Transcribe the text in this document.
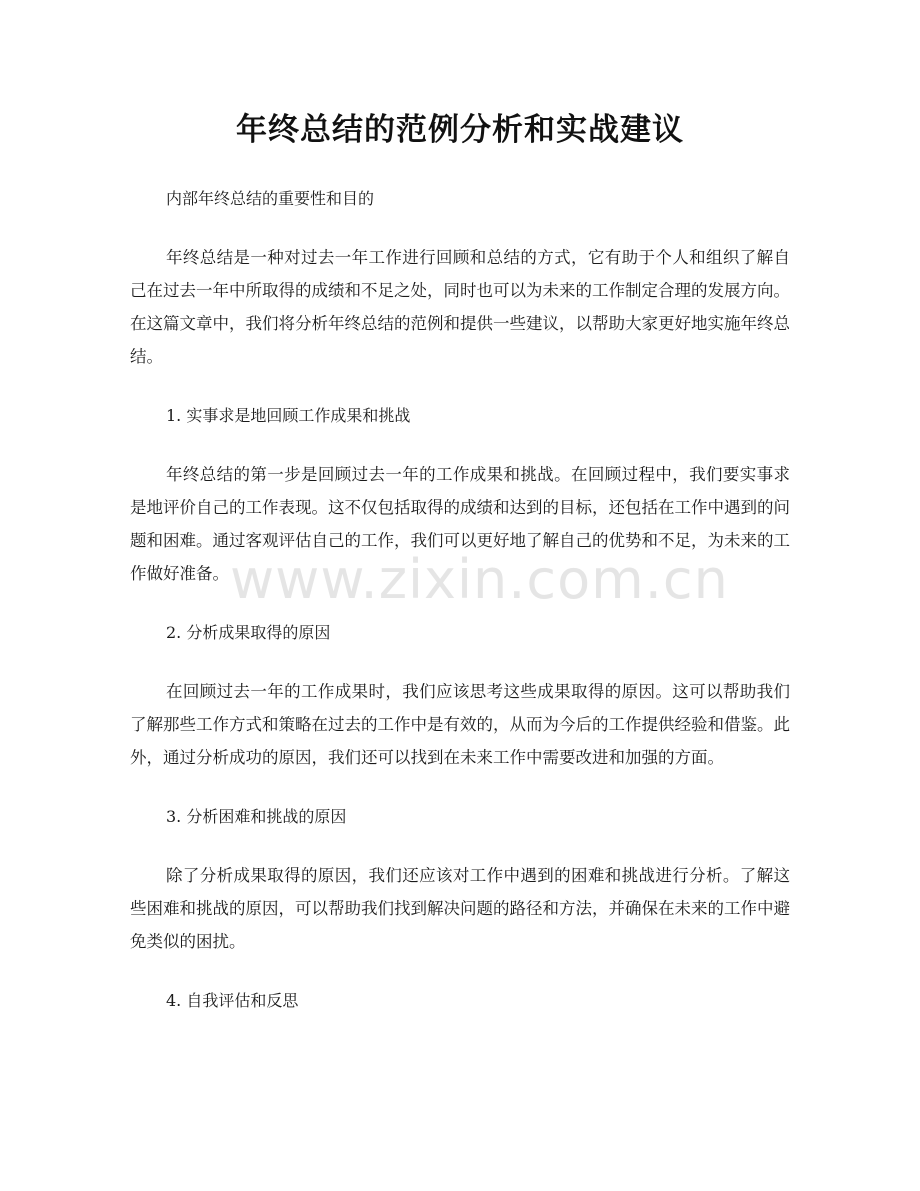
年终总结的范例分析和实战建议

内部年终总结的重要性和目的

年终总结是一种对过去一年工作进行回顾和总结的方式，它有助于个人和组织了解自己在过去一年中所取得的成绩和不足之处，同时也可以为未来的工作制定合理的发展方向。在这篇文章中，我们将分析年终总结的范例和提供一些建议，以帮助大家更好地实施年终总结。

1. 实事求是地回顾工作成果和挑战

年终总结的第一步是回顾过去一年的工作成果和挑战。在回顾过程中，我们要实事求是地评价自己的工作表现。这不仅包括取得的成绩和达到的目标，还包括在工作中遇到的问题和困难。通过客观评估自己的工作，我们可以更好地了解自己的优势和不足，为未来的工作做好准备。

2. 分析成果取得的原因

在回顾过去一年的工作成果时，我们应该思考这些成果取得的原因。这可以帮助我们了解那些工作方式和策略在过去的工作中是有效的，从而为今后的工作提供经验和借鉴。此外，通过分析成功的原因，我们还可以找到在未来工作中需要改进和加强的方面。

3. 分析困难和挑战的原因

除了分析成果取得的原因，我们还应该对工作中遇到的困难和挑战进行分析。了解这些困难和挑战的原因，可以帮助我们找到解决问题的路径和方法，并确保在未来的工作中避免类似的困扰。

4. 自我评估和反思

www.zixin.com.cn
